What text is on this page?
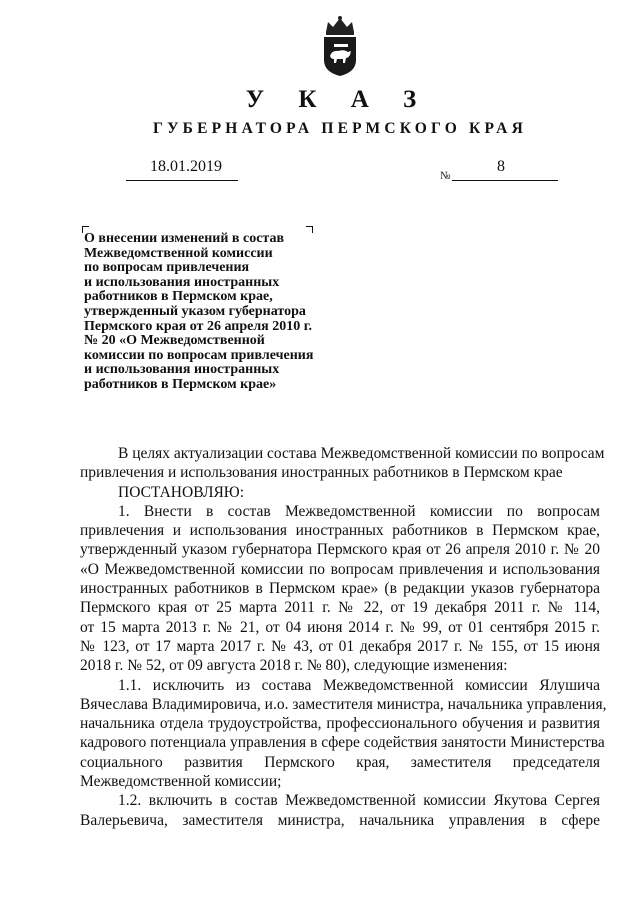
У К А З
ГУБЕРНАТОРА ПЕРМСКОГО КРАЯ
18.01.2019
№
8
О внесении изменений в состав
Межведомственной комиссии
по вопросам привлечения
и использования иностранных
работников в Пермском крае,
утвержденный указом губернатора
Пермского края от 26 апреля 2010 г.
№ 20 «О Межведомственной
комиссии по вопросам привлечения
и использования иностранных
работников в Пермском крае»
В целях актуализации состава Межведомственной комиссии по вопросам
привлечения и использования иностранных работников в Пермском крае
ПОСТАНОВЛЯЮ:
1. Внести в состав Межведомственной комиссии по вопросам
привлечения и использования иностранных работников в Пермском крае,
утвержденный указом губернатора Пермского края от 26 апреля 2010 г. № 20
«О Межведомственной комиссии по вопросам привлечения и использования
иностранных работников в Пермском крае» (в редакции указов губернатора
Пермского края от 25 марта 2011 г. № 22, от 19 декабря 2011 г. № 114,
от 15 марта 2013 г. № 21, от 04 июня 2014 г. № 99, от 01 сентября 2015 г.
№ 123, от 17 марта 2017 г. № 43, от 01 декабря 2017 г. № 155, от 15 июня
2018 г. № 52, от 09 августа 2018 г. № 80), следующие изменения:
1.1. исключить из состава Межведомственной комиссии Ялушича
Вячеслава Владимировича, и.о. заместителя министра, начальника управления,
начальника отдела трудоустройства, профессионального обучения и развития
кадрового потенциала управления в сфере содействия занятости Министерства
социального развития Пермского края, заместителя председателя
Межведомственной комиссии;
1.2. включить в состав Межведомственной комиссии Якутова Сергея
Валерьевича, заместителя министра, начальника управления в сфере
